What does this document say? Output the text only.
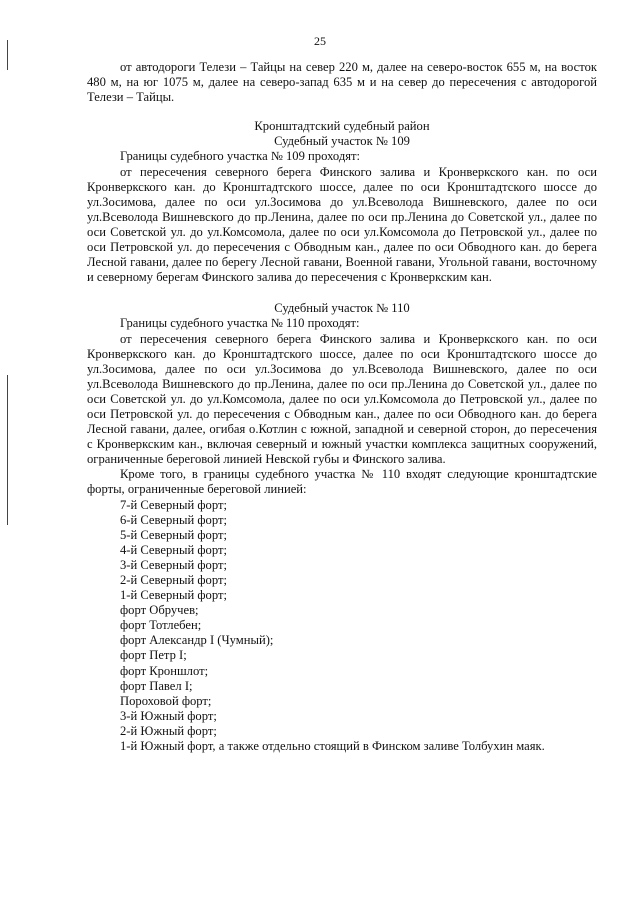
25

от автодороги Телези – Тайцы на север 220 м, далее на северо-восток 655 м, на восток 480 м, на юг 1075 м, далее на северо-запад 635 м и на север до пересечения с автодорогой Телези – Тайцы.

Кронштадтский судебный район

Судебный участок № 109

Границы судебного участка № 109 проходят:

от пересечения северного берега Финского залива и Кронверкского кан. по оси Кронверкского кан. до Кронштадтского шоссе, далее по оси Кронштадтского шоссе до ул.Зосимова, далее по оси ул.Зосимова до ул.Всеволода Вишневского, далее по оси ул.Всеволода Вишневского до пр.Ленина, далее по оси пр.Ленина до Советской ул., далее по оси Советской ул. до ул.Комсомола, далее по оси ул.Комсомола до Петровской ул., далее по оси Петровской ул. до пересечения с Обводным кан., далее по оси Обводного кан. до берега Лесной гавани, далее по берегу Лесной гавани, Военной гавани, Угольной гавани, восточному и северному берегам Финского залива до пересечения с Кронверкским кан.

Судебный участок № 110

Границы судебного участка № 110 проходят:

от пересечения северного берега Финского залива и Кронверкского кан. по оси Кронверкского кан. до Кронштадтского шоссе, далее по оси Кронштадтского шоссе до ул.Зосимова, далее по оси ул.Зосимова до ул.Всеволода Вишневского, далее по оси ул.Всеволода Вишневского до пр.Ленина, далее по оси пр.Ленина до Советской ул., далее по оси Советской ул. до ул.Комсомола, далее по оси ул.Комсомола до Петровской ул., далее по оси Петровской ул. до пересечения с Обводным кан., далее по оси Обводного кан. до берега Лесной гавани, далее, огибая о.Котлин с южной, западной и северной сторон, до пересечения с Кронверкским кан., включая северный и южный участки комплекса защитных сооружений, ограниченные береговой линией Невской губы и Финского залива.

Кроме того, в границы судебного участка № 110 входят следующие кронштадтские форты, ограниченные береговой линией:

7-й Северный форт;
6-й Северный форт;
5-й Северный форт;
4-й Северный форт;
3-й Северный форт;
2-й Северный форт;
1-й Северный форт;
форт Обручев;
форт Тотлебен;
форт Александр I (Чумный);
форт Петр I;
форт Кроншлот;
форт Павел I;
Пороховой форт;
3-й Южный форт;
2-й Южный форт;
1-й Южный форт, а также отдельно стоящий в Финском заливе Толбухин маяк.
